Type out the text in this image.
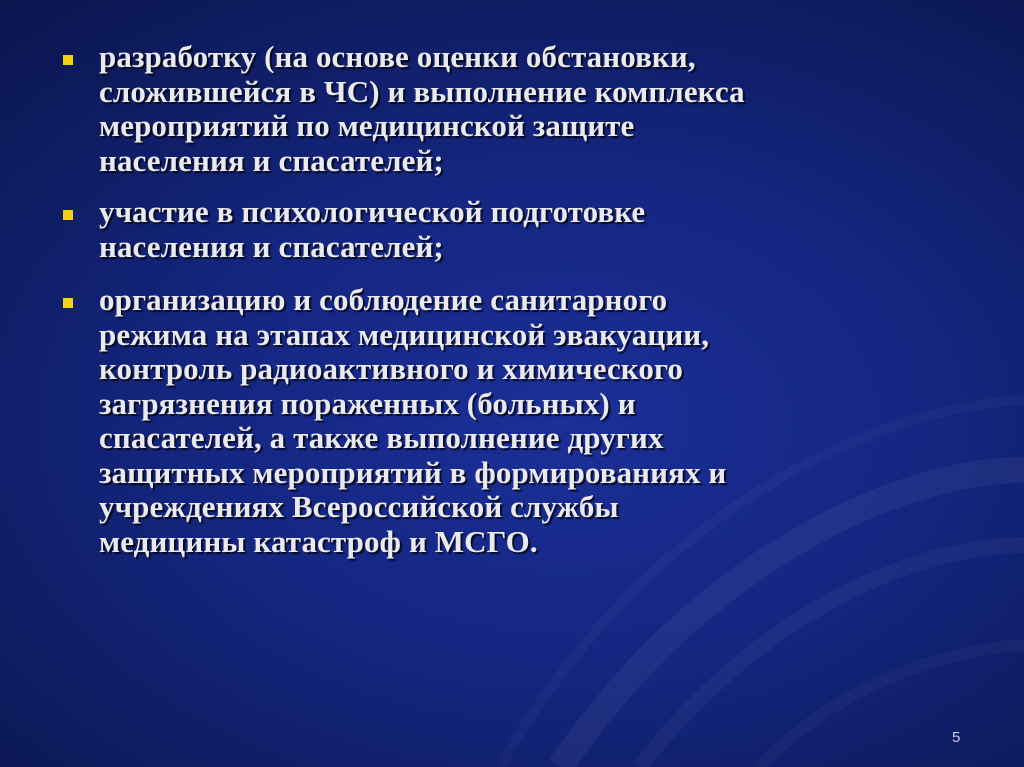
разработку (на основе оценки обстановки,
сложившейся в ЧС) и выполнение комплекса
мероприятий по медицинской защите
населения и спасателей;
участие в психологической подготовке
населения и спасателей;
организацию и соблюдение санитарного
режима на этапах медицинской эвакуации,
контроль радиоактивного и химического
загрязнения пораженных (больных) и
спасателей, а также выполнение других
защитных мероприятий в формированиях и
учреждениях Всероссийской службы
медицины катастроф и МСГО.
5
